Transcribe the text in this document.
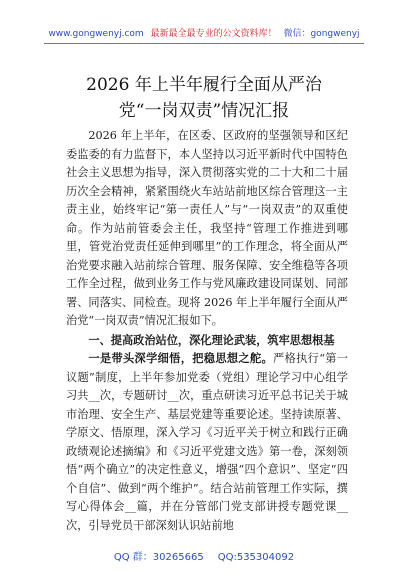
www.gongwenyj.com 最新最全最专业的公文资料库！ 微信：gongwenyj
2026 年上半年履行全面从严治党“一岗双责”情况汇报

2026 年上半年，在区委、区政府的坚强领导和区纪委监委的有力监督下，本人坚持以习近平新时代中国特色社会主义思想为指导，深入贯彻落实党的二十大和二十届历次全会精神，紧紧围绕火车站站前地区综合管理这一主责主业，始终牢记“第一责任人”与“一岗双责”的双重使命。作为站前管委会主任，我坚持“管理工作推进到哪里，管党治党责任延伸到哪里”的工作理念，将全面从严治党要求融入站前综合管理、服务保障、安全维稳等各项工作全过程，做到业务工作与党风廉政建设同谋划、同部署、同落实、同检查。现将 2026 年上半年履行全面从严治党“一岗双责”情况汇报如下。

一、提高政治站位，深化理论武装，筑牢思想根基

一是带头深学细悟，把稳思想之舵。严格执行“第一议题”制度，上半年参加党委（党组）理论学习中心组学习共__次，专题研讨__次，重点研读习近平总书记关于城市治理、安全生产、基层党建等重要论述。坚持读原著、学原文、悟原理，深入学习《习近平关于树立和践行正确政绩观论述摘编》和《习近平党建文选》第一卷，深刻领悟“两个确立”的决定性意义，增强“四个意识”、坚定“四个自信”、做到“两个维护”。结合站前管理工作实际，撰写心得体会__篇，并在分管部门党支部讲授专题党课__次，引导党员干部深刻认识站前地

QQ 群：30265665 QQ:535304092
